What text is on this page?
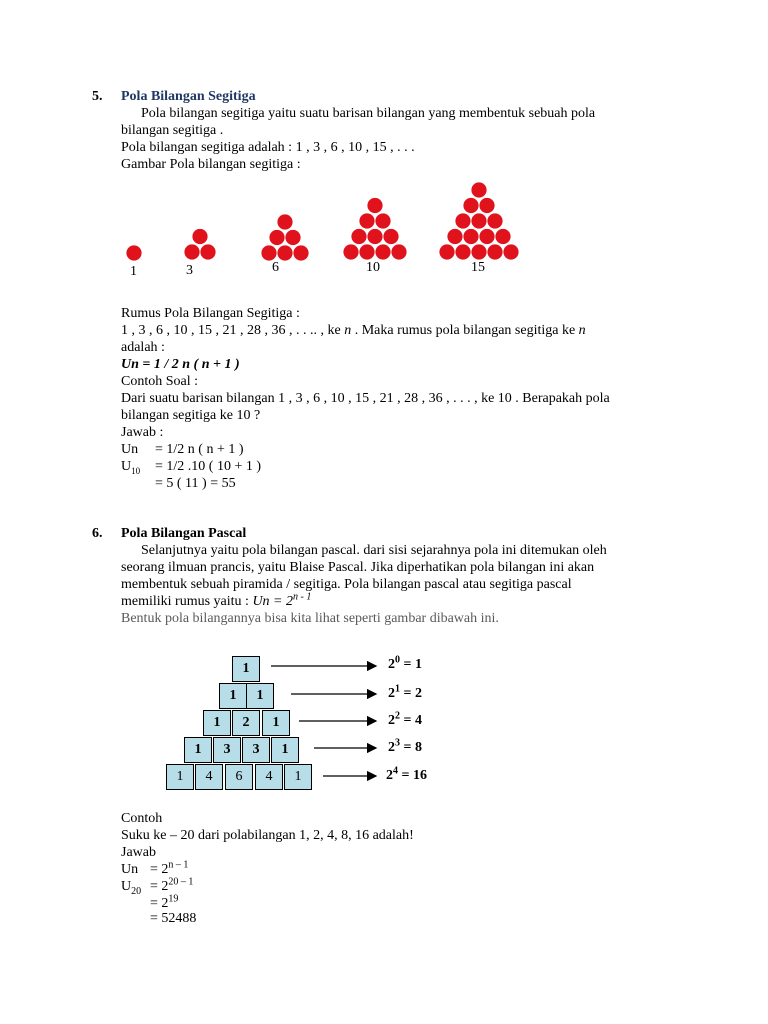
5. Pola Bilangan Segitiga
Pola bilangan segitiga yaitu suatu barisan bilangan yang membentuk sebuah pola
bilangan segitiga .
Pola bilangan segitiga adalah : 1 , 3 , 6 , 10 , 15 , . . .
Gambar Pola bilangan segitiga :
1	3	6	10	15
Rumus Pola Bilangan Segitiga :
1 , 3 , 6 , 10 , 15 , 21 , 28 , 36 , . . .. , ke n . Maka rumus pola bilangan segitiga ke n
adalah :
Un = 1 / 2 n ( n + 1 )
Contoh Soal :
Dari suatu barisan bilangan 1 , 3 , 6 , 10 , 15 , 21 , 28 , 36 , . . . , ke 10 . Berapakah pola
bilangan segitiga ke 10 ?
Jawab :
Un = 1/2 n ( n + 1 )
$U_{10} = 1/2$ .10 ( 10 + 1 )
= 5 ( 11 ) = 55
6. Pola Bilangan Pascal
Selanjutnya yaitu pola bilangan pascal. dari sisi sejarahnya pola ini ditemukan oleh
seorang ilmuan prancis, yaitu Blaise Pascal. Jika diperhatikan pola bilangan ini akan
membentuk sebuah piramida / segitiga. Pola bilangan pascal atau segitiga pascal
memiliki rumus yaitu : $Un = 2^{n - 1}$
Bentuk pola bilangannya bisa kita lihat seperti gambar dibawah ini.
1
1	1
1	2	1
1	3	3	1
1	4	6	4	1
$2^0 = 1$
$2^1 = 2$
$2^2 = 4$
$2^3 = 8$
$2^4 = 16$
Contoh
Suku ke – 20 dari polabilangan 1, 2, 4, 8, 16 adalah!
Jawab
$Un = 2^{n - 1}$
$U_{20} = 2^{20 - 1}$
= $2^{19}$
= 52488
